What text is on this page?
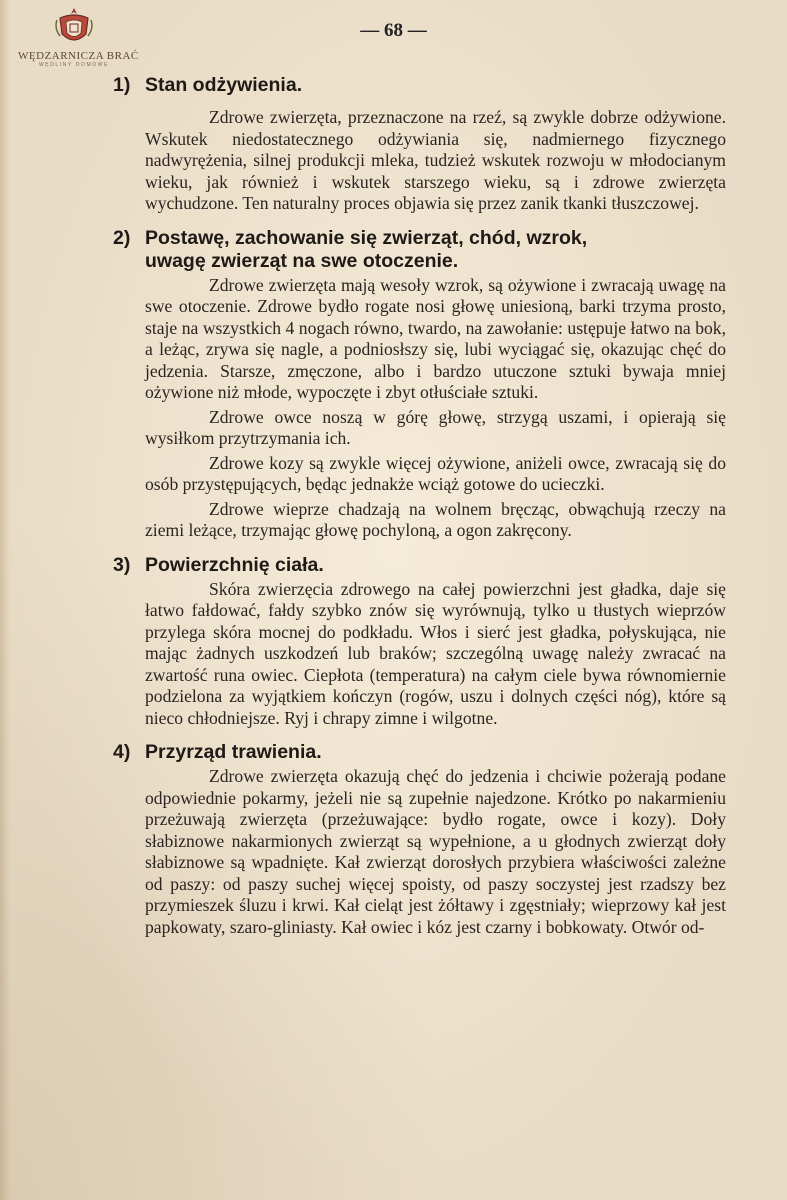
WĘDZARNICZA BRAĆ
WĘDLINY DOMOWE
— 68 —
1) Stan odżywienia.

Zdrowe zwierzęta, przeznaczone na rzeź, są zwykle dobrze odżywione. Wskutek niedostatecznego odżywiania się, nadmiernego fizycznego nadwyrężenia, silnej produkcji mleka, tudzież wskutek rozwoju w młodocianym wieku, jak również i wskutek starszego wieku, są i zdrowe zwierzęta wychudzone. Ten naturalny proces objawia się przez zanik tkanki tłuszczowej.

2) Postawę, zachowanie się zwierząt, chód, wzrok,
uwagę zwierząt na swe otoczenie.

Zdrowe zwierzęta mają wesoły wzrok, są ożywione i zwracają uwagę na swe otoczenie. Zdrowe bydło rogate nosi głowę uniesioną, barki trzyma prosto, staje na wszystkich 4 nogach równo, twardo, na zawołanie: ustępuje łatwo na bok, a leżąc, zrywa się nagle, a podniosłszy się, lubi wyciągać się, okazując chęć do jedzenia. Starsze, zmęczone, albo i bardzo utuczone sztuki bywaja mniej ożywione niż młode, wypoczęte i zbyt otłuściałe sztuki.

Zdrowe owce noszą w górę głowę, strzygą uszami, i opierają się wysiłkom przytrzymania ich.

Zdrowe kozy są zwykle więcej ożywione, aniżeli owce, zwracają się do osób przystępujących, będąc jednakże wciąż gotowe do ucieczki.

Zdrowe wieprze chadzają na wolnem bręcząc, obwąchują rzeczy na ziemi leżące, trzymając głowę pochyloną, a ogon zakręcony.

3) Powierzchnię ciała.

Skóra zwierzęcia zdrowego na całej powierzchni jest gładka, daje się łatwo fałdować, fałdy szybko znów się wyrównują, tylko u tłustych wieprzów przylega skóra mocnej do podkładu. Włos i sierć jest gładka, połyskująca, nie mając żadnych uszkodzeń lub braków; szczególną uwagę należy zwracać na zwartość runa owiec. Ciepłota (temperatura) na całym ciele bywa równomiernie podzielona za wyjątkiem kończyn (rogów, uszu i dolnych części nóg), które są nieco chłodniejsze. Ryj i chrapy zimne i wilgotne.

4) Przyrząd trawienia.

Zdrowe zwierzęta okazują chęć do jedzenia i chciwie pożerają podane odpowiednie pokarmy, jeżeli nie są zupełnie najedzone. Krótko po nakarmieniu przeżuwają zwierzęta (przeżuwające: bydło rogate, owce i kozy). Doły słabiznowe nakarmionych zwierząt są wypełnione, a u głodnych zwierząt doły słabiznowe są wpadnięte. Kał zwierząt dorosłych przybiera właściwości zależne od paszy: od paszy suchej więcej spoisty, od paszy soczystej jest rzadszy bez przymieszek śluzu i krwi. Kał cieląt jest żółtawy i zgęstniały; wieprzowy kał jest papkowaty, szaro-gliniasty. Kał owiec i kóz jest czarny i bobkowaty. Otwór od-
